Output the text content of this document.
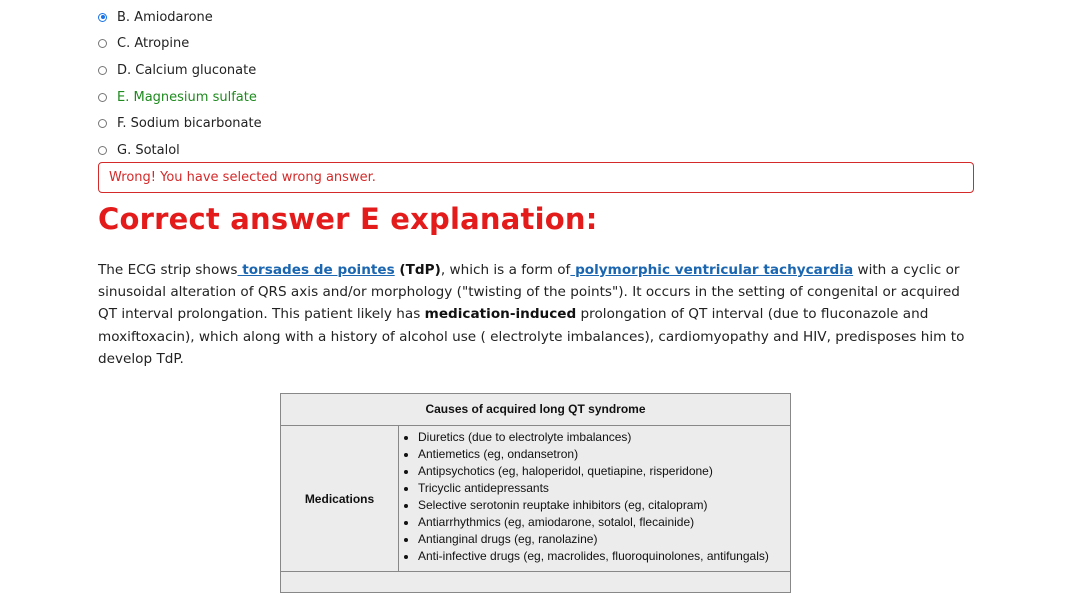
B. Amiodarone
C. Atropine
D. Calcium gluconate
E. Magnesium sulfate
F. Sodium bicarbonate
G. Sotalol
Wrong! You have selected wrong answer.
Correct answer E explanation:
The ECG strip shows torsades de pointes (TdP), which is a form of polymorphic ventricular tachycardia with a cyclic or sinusoidal alteration of QRS axis and/or morphology ("twisting of the points"). It occurs in the setting of congenital or acquired QT interval prolongation. This patient likely has medication-induced prolongation of QT interval (due to fluconazole and moxiftoxacin), which along with a history of alcohol use ( electrolyte imbalances), cardiomyopathy and HIV, predisposes him to develop TdP.
Causes of acquired long QT syndrome
Medications
• Diuretics (due to electrolyte imbalances)
• Antiemetics (eg, ondansetron)
• Antipsychotics (eg, haloperidol, quetiapine, risperidone)
• Tricyclic antidepressants
• Selective serotonin reuptake inhibitors (eg, citalopram)
• Antiarrhythmics (eg, amiodarone, sotalol, flecainide)
• Antianginal drugs (eg, ranolazine)
• Anti-infective drugs (eg, macrolides, fluoroquinolones, antifungals)
